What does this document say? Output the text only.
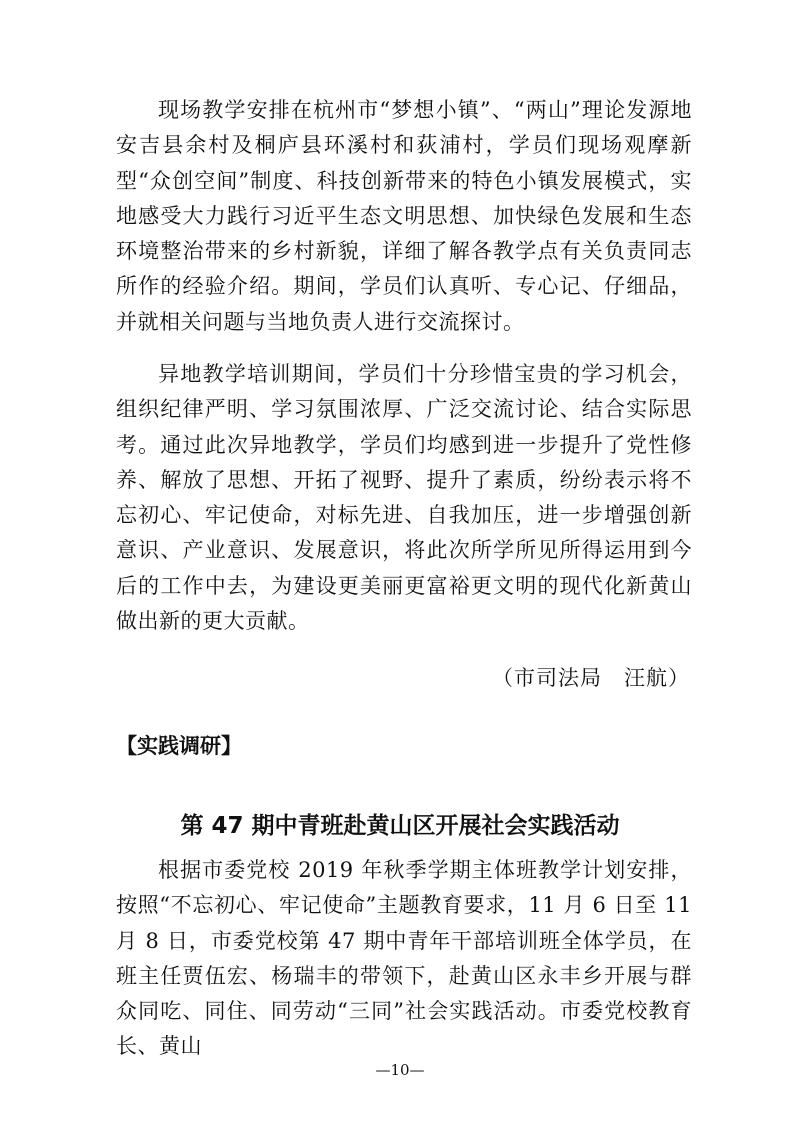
现场教学安排在杭州市“梦想小镇”、“两山”理论发源地安吉县余村及桐庐县环溪村和荻浦村，学员们现场观摩新型“众创空间”制度、科技创新带来的特色小镇发展模式，实地感受大力践行习近平生态文明思想、加快绿色发展和生态环境整治带来的乡村新貌，详细了解各教学点有关负责同志所作的经验介绍。期间，学员们认真听、专心记、仔细品，并就相关问题与当地负责人进行交流探讨。

异地教学培训期间，学员们十分珍惜宝贵的学习机会，组织纪律严明、学习氛围浓厚、广泛交流讨论、结合实际思考。通过此次异地教学，学员们均感到进一步提升了党性修养、解放了思想、开拓了视野、提升了素质，纷纷表示将不忘初心、牢记使命，对标先进、自我加压，进一步增强创新意识、产业意识、发展意识，将此次所学所见所得运用到今后的工作中去，为建设更美丽更富裕更文明的现代化新黄山做出新的更大贡献。

（市司法局　汪航）
【实践调研】
第 47 期中青班赴黄山区开展社会实践活动

根据市委党校 2019 年秋季学期主体班教学计划安排，按照“不忘初心、牢记使命”主题教育要求，11 月 6 日至 11 月 8 日，市委党校第 47 期中青年干部培训班全体学员，在班主任贾伍宏、杨瑞丰的带领下，赴黄山区永丰乡开展与群众同吃、同住、同劳动“三同”社会实践活动。市委党校教育长、黄山

—10—
